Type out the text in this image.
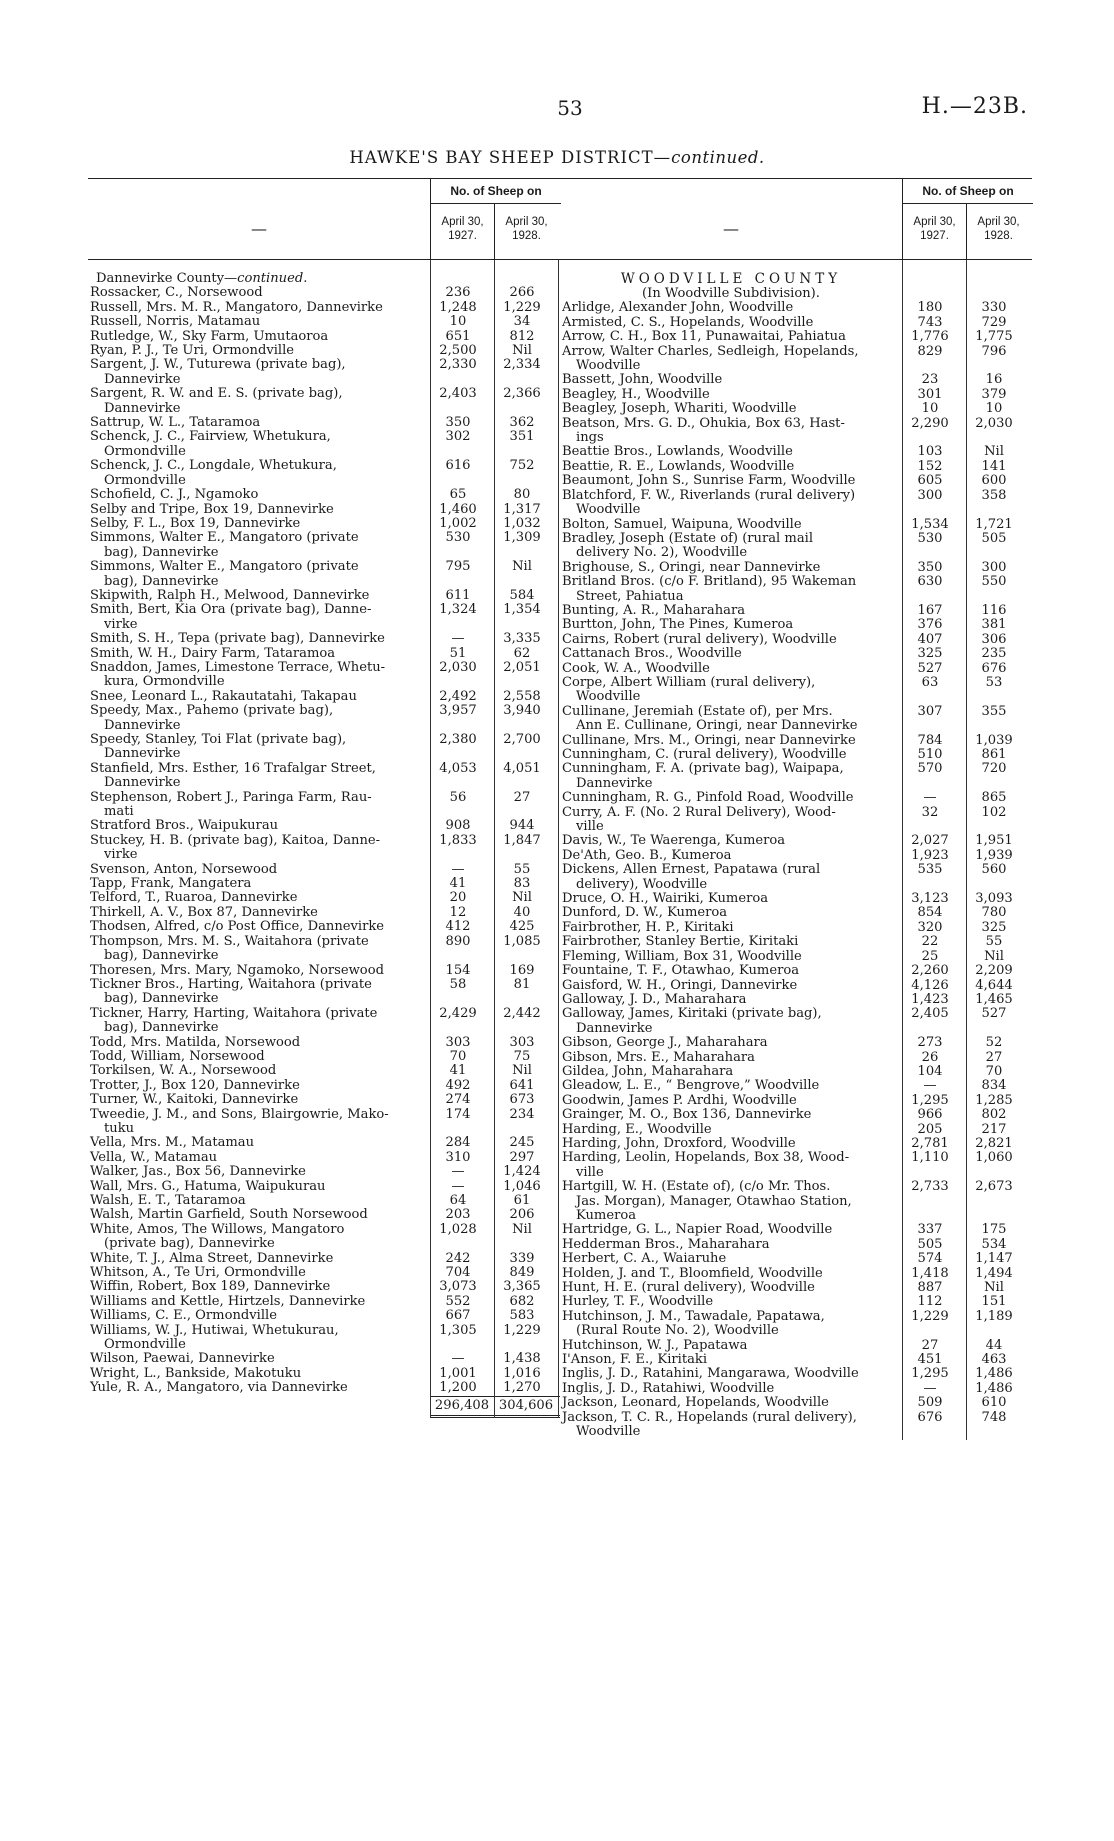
53	H.—23B.
HAWKE'S BAY SHEEP DISTRICT—continued.
—
No. of Sheep on
April 30, 1927.
April 30, 1928.
Dannevirke County—continued.
Rossacker, C., Norsewood	236	266
Russell, Mrs. M. R., Mangatoro, Dannevirke	1,248	1,229
Russell, Norris, Matamau	10	34
Rutledge, W., Sky Farm, Umutaoroa	651	812
Ryan, P. J., Te Uri, Ormondville	2,500	Nil
Sargent, J. W., Tuturewa (private bag),
Dannevirke
2,330	2,334
Sargent, R. W. and E. S. (private bag),
Dannevirke
2,403	2,366
Sattrup, W. L., Tataramoa	350	362
Schenck, J. C., Fairview, Whetukura,
Ormondville
302	351
Schenck, J. C., Longdale, Whetukura,
Ormondville
616	752
Schofield, C. J., Ngamoko	65	80
Selby and Tripe, Box 19, Dannevirke	1,460	1,317
Selby, F. L., Box 19, Dannevirke	1,002	1,032
Simmons, Walter E., Mangatoro (private
bag), Dannevirke
530	1,309
Simmons, Walter E., Mangatoro (private
bag), Dannevirke
795	Nil
Skipwith, Ralph H., Melwood, Dannevirke	611	584
Smith, Bert, Kia Ora (private bag), Danne-
virke
1,324	1,354
Smith, S. H., Tepa (private bag), Dannevirke	—	3,335
Smith, W. H., Dairy Farm, Tataramoa	51	62
Snaddon, James, Limestone Terrace, Whetu-
kura, Ormondville
2,030	2,051
Snee, Leonard L., Rakautatahi, Takapau	2,492	2,558
Speedy, Max., Pahemo (private bag),
Dannevirke
3,957	3,940
Speedy, Stanley, Toi Flat (private bag),
Dannevirke
2,380	2,700
Stanfield, Mrs. Esther, 16 Trafalgar Street,
Dannevirke
4,053	4,051
Stephenson, Robert J., Paringa Farm, Rau-
mati
56	27
Stratford Bros., Waipukurau	908	944
Stuckey, H. B. (private bag), Kaitoa, Danne-
virke
1,833	1,847
Svenson, Anton, Norsewood	—	55
Tapp, Frank, Mangatera	41	83
Telford, T., Ruaroa, Dannevirke	20	Nil
Thirkell, A. V., Box 87, Dannevirke	12	40
Thodsen, Alfred, c/o Post Office, Dannevirke	412	425
Thompson, Mrs. M. S., Waitahora (private
bag), Dannevirke
890	1,085
Thoresen, Mrs. Mary, Ngamoko, Norsewood	154	169
Tickner Bros., Harting, Waitahora (private
bag), Dannevirke
58	81
Tickner, Harry, Harting, Waitahora (private
bag), Dannevirke
2,429	2,442
Todd, Mrs. Matilda, Norsewood	303	303
Todd, William, Norsewood	70	75
Torkilsen, W. A., Norsewood	41	Nil
Trotter, J., Box 120, Dannevirke	492	641
Turner, W., Kaitoki, Dannevirke	274	673
Tweedie, J. M., and Sons, Blairgowrie, Mako-
tuku
174	234
Vella, Mrs. M., Matamau	284	245
Vella, W., Matamau	310	297
Walker, Jas., Box 56, Dannevirke	—	1,424
Wall, Mrs. G., Hatuma, Waipukurau	—	1,046
Walsh, E. T., Tataramoa	64	61
Walsh, Martin Garfield, South Norsewood	203	206
White, Amos, The Willows, Mangatoro
(private bag), Dannevirke
1,028	Nil
White, T. J., Alma Street, Dannevirke	242	339
Whitson, A., Te Uri, Ormondville	704	849
Wiffin, Robert, Box 189, Dannevirke	3,073	3,365
Williams and Kettle, Hirtzels, Dannevirke	552	682
Williams, C. E., Ormondville	667	583
Williams, W. J., Hutiwai, Whetukurau,
Ormondville
1,305	1,229
Wilson, Paewai, Dannevirke	—	1,438
Wright, L., Bankside, Makotuku	1,001	1,016
Yule, R. A., Mangatoro, via Dannevirke	1,200	1,270
296,408 304,606
—
No. of Sheep on
April 30, 1927.
April 30, 1928.
WOODVILLE COUNTY
(In Woodville Subdivision).
Arlidge, Alexander John, Woodville	180	330
Armisted, C. S., Hopelands, Woodville	743	729
Arrow, C. H., Box 11, Punawaitai, Pahiatua	1,776	1,775
Arrow, Walter Charles, Sedleigh, Hopelands,
Woodville
829	796
Bassett, John, Woodville	23	16
Beagley, H., Woodville	301	379
Beagley, Joseph, Whariti, Woodville	10	10
Beatson, Mrs. G. D., Ohukia, Box 63, Hast-
ings
2,290	2,030
Beattie Bros., Lowlands, Woodville	103	Nil
Beattie, R. E., Lowlands, Woodville	152	141
Beaumont, John S., Sunrise Farm, Woodville	605	600
Blatchford, F. W., Riverlands (rural delivery)
Woodville
300	358
Bolton, Samuel, Waipuna, Woodville	1,534	1,721
Bradley, Joseph (Estate of) (rural mail
delivery No. 2), Woodville
530	505
Brighouse, S., Oringi, near Dannevirke	350	300
Britland Bros. (c/o F. Britland), 95 Wakeman
Street, Pahiatua
630	550
Bunting, A. R., Maharahara	167	116
Burtton, John, The Pines, Kumeroa	376	381
Cairns, Robert (rural delivery), Woodville	407	306
Cattanach Bros., Woodville	325	235
Cook, W. A., Woodville	527	676
Corpe, Albert William (rural delivery),
Woodville
63	53
Cullinane, Jeremiah (Estate of), per Mrs.
Ann E. Cullinane, Oringi, near Dannevirke
307	355
Cullinane, Mrs. M., Oringi, near Dannevirke	784	1,039
Cunningham, C. (rural delivery), Woodville	510	861
Cunningham, F. A. (private bag), Waipapa,
Dannevirke
570	720
Cunningham, R. G., Pinfold Road, Woodville	—	865
Curry, A. F. (No. 2 Rural Delivery), Wood-
ville
32	102
Davis, W., Te Waerenga, Kumeroa	2,027	1,951
De'Ath, Geo. B., Kumeroa	1,923	1,939
Dickens, Allen Ernest, Papatawa (rural
delivery), Woodville
535	560
Druce, O. H., Wairiki, Kumeroa	3,123	3,093
Dunford, D. W., Kumeroa	854	780
Fairbrother, H. P., Kiritaki	320	325
Fairbrother, Stanley Bertie, Kiritaki	22	55
Fleming, William, Box 31, Woodville	25	Nil
Fountaine, T. F., Otawhao, Kumeroa	2,260	2,209
Gaisford, W. H., Oringi, Dannevirke	4,126	4,644
Galloway, J. D., Maharahara	1,423	1,465
Galloway, James, Kiritaki (private bag),
Dannevirke
2,405	527
Gibson, George J., Maharahara	273	52
Gibson, Mrs. E., Maharahara	26	27
Gildea, John, Maharahara	104	70
Gleadow, L. E., “ Bengrove,” Woodville	—	834
Goodwin, James P. Ardhi, Woodville	1,295	1,285
Grainger, M. O., Box 136, Dannevirke	966	802
Harding, E., Woodville	205	217
Harding, John, Droxford, Woodville	2,781	2,821
Harding, Leolin, Hopelands, Box 38, Wood-
ville
1,110	1,060
Hartgill, W. H. (Estate of), (c/o Mr. Thos.
Jas. Morgan), Manager, Otawhao Station, Kumeroa
2,733	2,673
Hartridge, G. L., Napier Road, Woodville	337	175
Hedderman Bros., Maharahara	505	534
Herbert, C. A., Waiaruhe	574	1,147
Holden, J. and T., Bloomfield, Woodville	1,418	1,494
Hunt, H. E. (rural delivery), Woodville	887	Nil
Hurley, T. F., Woodville	112	151
Hutchinson, J. M., Tawadale, Papatawa,
(Rural Route No. 2), Woodville
1,229	1,189
Hutchinson, W. J., Papatawa	27	44
I'Anson, F. E., Kiritaki	451	463
Inglis, J. D., Ratahini, Mangarawa, Woodville	1,295	1,486
Inglis, J. D., Ratahiwi, Woodville	—	1,486
Jackson, Leonard, Hopelands, Woodville	509	610
Jackson, T. C. R., Hopelands (rural delivery),
Woodville
676	748
